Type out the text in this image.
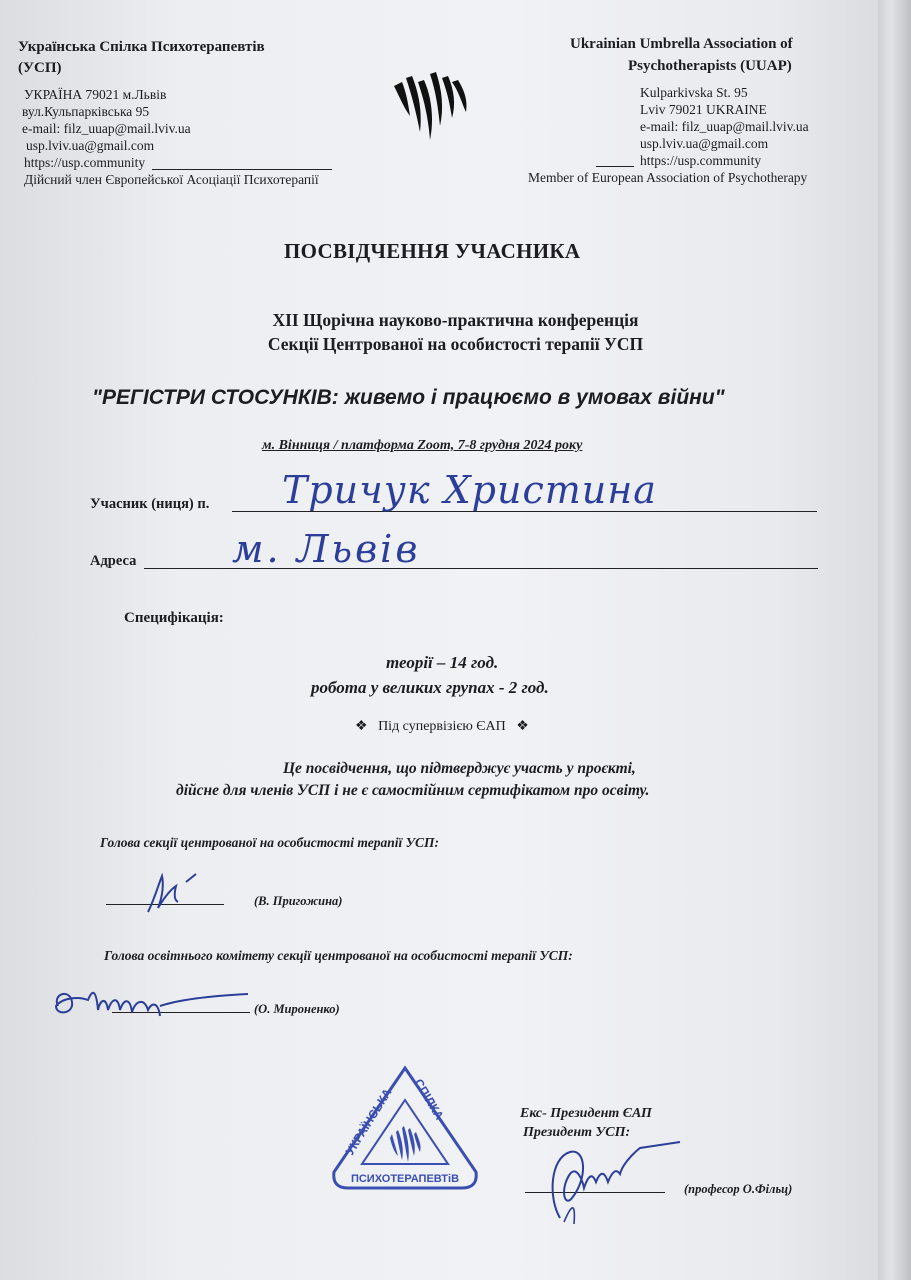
Українська Спілка Психотерапевтів
(УСП)
УКРАЇНА 79021 м.Львів
вул.Кульпарківська 95
e-mail: filz_uuap@mail.lviv.ua
usp.lviv.ua@gmail.com
https://usp.community
Дійсний член Європейської Асоціації Психотерапії
Ukrainian Umbrella Association of
Psychotherapists (UUAP)
Kulparkivska St. 95
Lviv 79021 UKRAINE
e-mail: filz_uuap@mail.lviv.ua
usp.lviv.ua@gmail.com
https://usp.community
Member of European Association of Psychotherapy
ПОСВІДЧЕННЯ УЧАСНИКА
XII Щорічна науково-практична конференція
Секції Центрованої на особистості терапії УСП
"РЕГІСТРИ СТОСУНКІВ: живемо і працюємо в умовах війни"
м. Вінниця / платформа Zoom, 7-8 грудня 2024 року
Учасник (ниця) п. Тричук Христина
Адреса	м. Львів
Специфікація:
теорії – 14 год.
робота у великих групах - 2 год.
❖ Під супервізією ЄАП ❖
Це посвідчення, що підтверджує участь у проєкті,
дійсне для членів УСП і не є самостійним сертифікатом про освіту.
Голова секції центрованої на особистості терапії УСП:
(В. Пригожина)
Голова освітнього комітету секції центрованої на особистості терапії УСП:
(О. Мироненко)
УКРАЇНСЬКА
СПІЛКА
ПСИХОТЕРАПЕВТіВ
Екс- Президент ЄАП
Президент УСП:
(професор О.Фільц)
